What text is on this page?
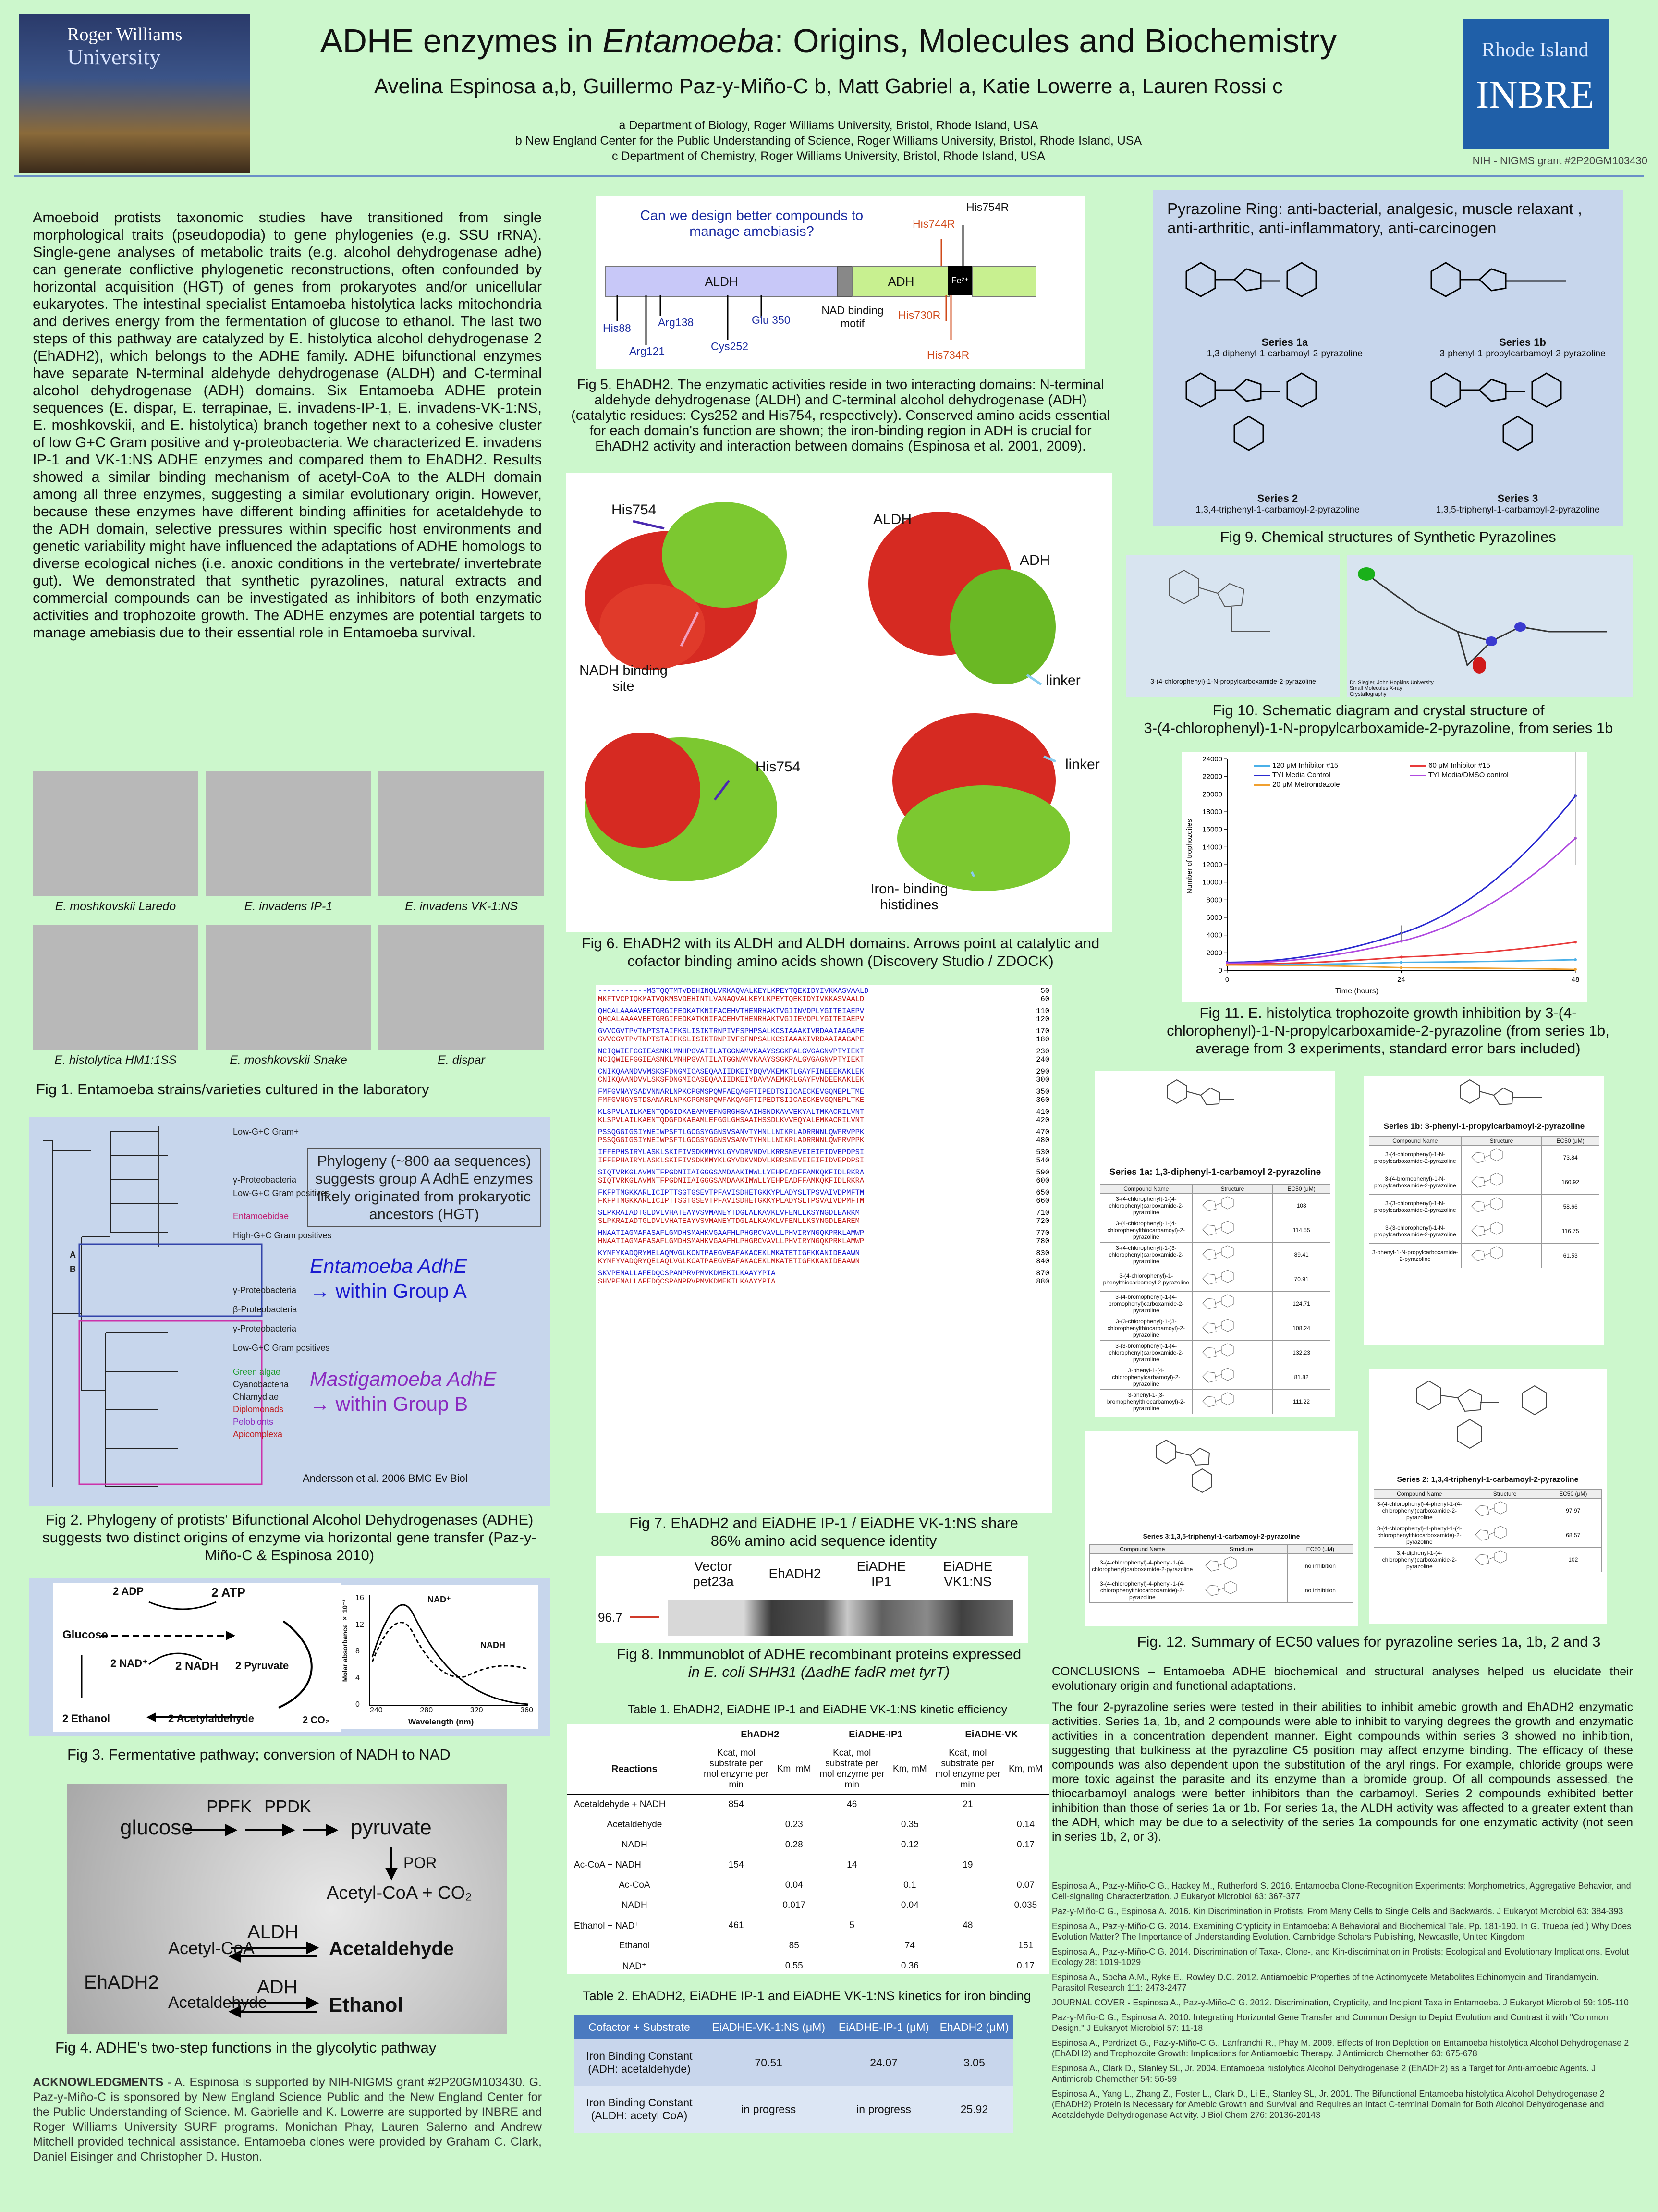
Roger Williams
University	ADHE enzymes in Entamoeba: Origins, Molecules and Biochemistry
Avelina Espinosa a,b, Guillermo Paz-y-Miño-C b, Matt Gabriel a, Katie Lowerre a, Lauren Rossi c
a Department of Biology, Roger Williams University, Bristol, Rhode Island, USA
b New England Center for the Public Understanding of Science, Roger Williams University, Bristol, Rhode Island, USA
c Department of Chemistry, Roger Williams University, Bristol, Rhode Island, USA
Rhode Island
INBRE
NIH - NIGMS grant #2P20GM103430
Amoeboid protists taxonomic studies have transitioned from single morphological traits (pseudopodia) to gene phylogenies (e.g. SSU rRNA). Single-gene analyses of metabolic traits (e.g. alcohol dehydrogenase adhe) can generate conflictive phylogenetic reconstructions, often confounded by horizontal acquisition (HGT) of genes from prokaryotes and/or unicellular eukaryotes. The intestinal specialist Entamoeba histolytica lacks mitochondria and derives energy from the fermentation of glucose to ethanol. The last two steps of this pathway are catalyzed by E. histolytica alcohol dehydrogenase 2 (EhADH2), which belongs to the ADHE family. ADHE bifunctional enzymes have separate N-terminal aldehyde dehydrogenase (ALDH) and C-terminal alcohol dehydrogenase (ADH) domains. Six Entamoeba ADHE protein sequences (E. dispar, E. terrapinae, E. invadens-IP-1, E. invadens-VK-1:NS, E. moshkovskii, and E. histolytica) branch together next to a cohesive cluster of low G+C Gram positive and γ-proteobacteria. We characterized E. invadens IP-1 and VK-1:NS ADHE enzymes and compared them to EhADH2. Results showed a similar binding mechanism of acetyl-CoA to the ALDH domain among all three enzymes, suggesting a similar evolutionary origin. However, because these enzymes have different binding affinities for acetaldehyde to the ADH domain, selective pressures within specific host environments and genetic variability might have influenced the adaptations of ADHE homologs to diverse ecological niches (i.e. anoxic conditions in the vertebrate/ invertebrate gut). We demonstrated that synthetic pyrazolines, natural extracts and commercial compounds can be investigated as inhibitors of both enzymatic activities and trophozoite growth. The ADHE enzymes are potential targets to manage amebiasis due to their essential role in Entamoeba survival.
E. moshkovskii Laredo	E. invadens IP-1	E. invadens VK-1:NS
E. histolytica HM1:1SS	E. moshkovskii Snake	E. dispar
Fig 1. Entamoeba strains/varieties cultured in the laboratory
Low-G+C Gram+
γ-Proteobacteria
Low-G+C Gram positives
Entamoebidae
High-G+C Gram positives
A
B
γ-Proteobacteria
β-Proteobacteria
γ-Proteobacteria
Low-G+C Gram positives
Green algae
Cyanobacteria
Chlamydiae
Diplomonads
Pelobionts
Apicomplexa
Phylogeny (~800 aa sequences) suggests group A AdhE enzymes likely originated from prokaryotic ancestors (HGT)
Entamoeba AdhE
→ within Group A
Mastigamoeba AdhE
→ within Group B
Andersson et al. 2006 BMC Ev Biol
Fig 2. Phylogeny of protists' Bifunctional Alcohol Dehydrogenases (ADHE) suggests two distinct origins of enzyme via horizontal gene transfer (Paz-y-Miño-C & Espinosa 2010)
2 ADP	2 ATP
Glucose
2 NAD⁺ 2 NADH 2 Pyruvate
2 Ethanol	2 Acetylaldehyde	2 CO₂
NAD⁺
NADH
Wavelength (nm)
Molar absorbance × 10⁻³
240	280	320	360
16
12
8
4
0
Fig 3. Fermentative pathway; conversion of NADH to NAD
glucose
PPFK PPDK
pyruvate
POR
Acetyl-CoA + CO₂
Acetyl-CoA
ALDH
Acetaldehyde
EhADH2
Acetaldehyde
ADH
Ethanol
Fig 4. ADHE's two-step functions in the glycolytic pathway
ACKNOWLEDGMENTS - A. Espinosa is supported by NIH-NIGMS grant #2P20GM103430. G. Paz-y-Miño-C is sponsored by New England Science Public and the New England Center for the Public Understanding of Science. M. Gabrielle and K. Lowerre are supported by INBRE and Roger Williams University SURF programs. Monichan Phay, Lauren Salerno and Andrew Mitchell provided technical assistance. Entamoeba clones were provided by Graham C. Clark, Daniel Eisinger and Christopher D. Huston.
Can we design better compounds to manage amebiasis?
ALDH	ADH	Fe²⁺
NAD binding motif
His88
Arg121
Arg138
Cys252
Glu 350
His744R
His754R
His730R
His734R
Fig 5. EhADH2. The enzymatic activities reside in two interacting domains: N-terminal aldehyde dehydrogenase (ALDH) and C-terminal alcohol dehydrogenase (ADH) (catalytic residues: Cys252 and His754, respectively). Conserved amino acids essential for each domain's function are shown; the iron-binding region in ADH is crucial for EhADH2 activity and interaction between domains (Espinosa et al. 2001, 2009).
His754
NADH binding site
ALDH
ADH
linker
His754	linker
Iron- binding histidines
Fig 6. EhADH2 with its ALDH and ALDH domains. Arrows point at catalytic and cofactor binding amino acids shown (Discovery Studio / ZDOCK)
-----------MSTQQTMTVDEHINQLVRKAQVALKEYLKPEYTQEKIDYIVKKASVAALD	50
MKFTVCPIQKMATVQKMSVDEHINTLVANAQVALKEYLKPEYTQEKIDYIVKKASVAALD	60
QHCALAAAAVEETGRGIFEDKATKNIFACEHVTHEMRHAKTVGIINVDPLYGITEIAEPV	110
QHCALAAAAVEETGRGIFEDKATKNIFACEHVTHEMRHAKTVGIIEVDPLYGITEIAEPV	120
GVVCGVTPVTNPTSTAIFKSLISIKTRNPIVFSPHPSALKCSIAAAKIVRDAAIAAGAPE	170
GVVCGVTPVTNPTSTAIFKSLISIKTRNPIVFSFNPSALKCSIAAAKIVRDAAIAAGAPE	180
NCIQWIEFGGIEASNKLMNHPGVATILATGGNAMVKAAYSSGKPALGVGAGNVPTYIEKT	230
NCIQWIEFGGIEASNKLMNHPGVATILATGGNAMVKAAYSSGKPALGVGAGNVPTYIEKT	240
CNIKQAANDVVMSKSFDNGMICASEQAAIIDKEIYDQVVKEMKTLGAYFINEEEKAKLEK	290
CNIKQAANDVVLSKSFDNGMICASEQAAIIDKEIYDAVVAEMKRLGAYFVNDEEKAKLEK	300
FMFGVNAYSADVNNARLNPKCPGMSPQWFAEQAGFTIPEDTSIICAECKEVGQNEPLTME	350
FMFGVNGYSTDSANARLNPKCPGMSPQWFAKQAGFTIPEDTSIICAECKEVGQNEPLTKE	360
KLSPVLAILKAENTQDGIDKAEAMVEFNGRGHSAAIHSNDKAVVEKYALTMKACRILVNT	410
KLSPVLAILKAENTQDGFDKAEAMLEFGGLGHSAAIHSSDLKVVEQYALEMKACRILVNT	420
PSSQGGIGSIYNEIWPSFTLGCGSYGGNSVSANVTYHNLLNIKRLADRRNNLQWFRVPPK	470
PSSQGGIGSIYNEIWPSFTLGCGSYGGNSVSANVTYHNLLNIKRLADRRNNLQWFRVPPK	480
IFFEPHSIRYLASKLSKIFIVSDKMMYKLGYVDRVMDVLKRRSNEVEIEIFIDVEPDPSI	530
IFFEPHAIRYLASKLSKIFIVSDKMMYKLGYVDKVMDVLKRRSNEVEIEIFIDVEPDPSI	540
SIQTVRKGLAVMNTFPGDNIIAIGGGSAMDAAKIMWLLYEHPEADFFAMKQKFIDLRKRA	590
SIQTVRKGLAVMNTFPGDNIIAIGGGSAMDAAKIMWLLYEHPEADFFAMKQKFIDLRKRA	600
FKFPTMGKKARLICIPTTSGTGSEVTPFAVISDHETGKKYPLADYSLTPSVAIVDPMFTM	650
FKFPTMGKKARLICIPTTSGTGSEVTPFAVISDHETGKKYPLADYSLTPSVAIVDPMFTM	660
SLPKRAIADTGLDVLVHATEAYVSVMANEYTDGLALKAVKLVFENLLKSYNGDLEARKM	710
SLPKRAIADTGLDVLVHATEAYVSVMANEYTDGLALKAVKLVFENLLKSYNGDLEAREM	720
HNAATIAGMAFASAFLGMDHSMAHKVGAAFHLPHGRCVAVLLPHVIRYNGQKPRKLAMWP	770
HNAATIAGMAFASAFLGMDHSMAHKVGAAFHLPHGRCVAVLLPHVIRYNGQKPRKLAMWP	780
KYNFYKADQRYMELAQMVGLKCNTPAEGVEAFAKACEKLMKATETIGFKKANIDEAAWN	830
KYNFYVADQRYQELAQLVGLKCATPAEGVEAFAKACEKLMKATETIGFKKANIDEAAWN	840
SKVPEMALLAFEDQCSPANPRVPMVKDMEKILKAAYYPIA	870
SHVPEMALLAFEDQCSPANPRVPMVKDMEKILKAAYYPIA	880
Fig 7. EhADH2 and EiADHE IP-1 / EiADHE VK-1:NS share
86% amino acid sequence identity
Vector pet23a
EhADH2	EiADHE IP1
EiADHE VK1:NS
96.7
Fig 8. Inmmunoblot of ADHE recombinant proteins expressed
in E. coli SHH31 (ΔadhE fadR met tyrT)
Table 1. EhADH2, EiADHE IP-1 and EiADHE VK-1:NS kinetic efficiency
	EhADH2		EiADHE-IP1		EiADHE-VK	
Reactions	Kcat, mol substrate per mol enzyme per min	Km, mM	Kcat, mol substrate per mol enzyme per min	Km, mM	Kcat, mol substrate per mol enzyme per min	Km, mM
Acetaldehyde + NADH	854		46		21	
Acetaldehyde		0.23		0.35		0.14
NADH		0.28		0.12		0.17
Ac-CoA + NADH	154		14		19	
Ac-CoA		0.04		0.1		0.07
NADH		0.017		0.04		0.035
Ethanol + NAD⁺	461		5		48	
Ethanol		85		74		151
NAD⁺		0.55		0.36		0.17
Table 2. EhADH2, EiADHE IP-1 and EiADHE VK-1:NS kinetics for iron binding
Cofactor + Substrate	EiADHE-VK-1:NS (μM)	EiADHE-IP-1 (μM)	EhADH2 (μM)
Iron Binding Constant (ADH: acetaldehyde)	70.51	24.07	3.05
Iron Binding Constant (ALDH: acetyl CoA)	in progress	in progress	25.92
Pyrazoline Ring: anti-bacterial, analgesic, muscle relaxant , anti-arthritic, anti-inflammatory, anti-carcinogen
Series 1a
1,3-diphenyl-1-carbamoyl-2-pyrazoline
Series 1b
3-phenyl-1-propylcarbamoyl-2-pyrazoline
Series 2
1,3,4-triphenyl-1-carbamoyl-2-pyrazoline
Series 3
1,3,5-triphenyl-1-carbamoyl-2-pyrazoline
Fig 9. Chemical structures of Synthetic Pyrazolines
3-(4-chlorophenyl)-1-N-propylcarboxamide-2-pyrazoline	Dr. Siegler, John Hopkins University Small Molecules X-ray Crystallography
Fig 10. Schematic diagram and crystal structure of
3-(4-chlorophenyl)-1-N-propylcarboxamide-2-pyrazoline, from series 1b
0
2000
4000
6000
8000
10000
12000
14000
16000
18000
20000
22000
24000
0	24	48
Time (hours)
Number of trophozoites
120 μM Inhibitor #15	60 μM Inhibitor #15
TYI Media Control	TYI Media/DMSO control
20 μM Metronidazole
Fig 11. E. histolytica trophozoite growth inhibition by 3-(4-chlorophenyl)-1-N-propylcarboxamide-2-pyrazoline (from series 1b, average from 3 experiments, standard error bars included)
Series 1a: 1,3-diphenyl-1-carbamoyl 2-pyrazoline
Compound Name	Structure	EC50 (μM)
3-(4-chlorophenyl)-1-(4-chlorophenyl)carboxamide-2-pyrazoline		108
3-(4-chlorophenyl)-1-(4-chlorophenylthiocarbamoyl)-2-pyrazoline		114.55
3-(4-chlorophenyl)-1-(3-chlorophenyl)carboxamide-2-pyrazoline		89.41
3-(4-chlorophenyl)-1-phenylthiocarbamoyl-2-pyrazoline		70.91
3-(4-bromophenyl)-1-(4-bromophenyl)carboxamide-2-pyrazoline		124.71
3-(3-chlorophenyl)-1-(3-chlorophenylthiocarbamoyl)-2-pyrazoline		108.24
3-(3-bromophenyl)-1-(4-chlorophenyl)carboxamide-2-pyrazoline		132.23
3-phenyl-1-(4-chlorophenylcarbamoyl)-2-pyrazoline		81.82
3-phenyl-1-(3-bromophenylthiocarbamoyl)-2-pyrazoline		111.22
Series 1b: 3-phenyl-1-propylcarbamoyl-2-pyrazoline
Compound Name	Structure	EC50 (μM)
3-(4-chlorophenyl)-1-N-propylcarboxamide-2-pyrazoline		73.84
3-(4-bromophenyl)-1-N-propylcarboxamide-2-pyrazoline		160.92
3-(3-chlorophenyl)-1-N-propylcarboxamide-2-pyrazoline		58.66
3-(3-chlorophenyl)-1-N-propylcarboxamide-2-pyrazoline		116.75
3-phenyl-1-N-propylcarboxamide-2-pyrazoline		61.53
Series 3:1,3,5-triphenyl-1-carbamoyl-2-pyrazoline
Compound Name	Structure	EC50 (μM)
3-(4-chlorophenyl)-4-phenyl-1-(4-chlorophenyl)carboxamide-2-pyrazoline		no inhibition
3-(4-chlorophenyl)-4-phenyl-1-(4-chlorophenylthiocarboxamide)-2-pyrazoline		no inhibition
Series 2: 1,3,4-triphenyl-1-carbamoyl-2-pyrazoline
Compound Name	Structure	EC50 (μM)
3-(4-chlorophenyl)-4-phenyl-1-(4-chlorophenyl)carboxamide-2-pyrazoline		97.97
3-(4-chlorophenyl)-4-phenyl-1-(4-chlorophenylthiocarboxamide)-2-pyrazoline		68.57
3,4-diphenyl-1-(4-chlorophenyl)carboxamide-2-pyrazoline		102
Fig. 12. Summary of EC50 values for pyrazoline series 1a, 1b, 2 and 3
CONCLUSIONS – Entamoeba ADHE biochemical and structural analyses helped us elucidate their evolutionary origin and functional adaptations.
The four 2-pyrazoline series were tested in their abilities to inhibit amebic growth and EhADH2 enzymatic activities. Series 1a, 1b, and 2 compounds were able to inhibit to varying degrees the growth and enzymatic activities in a concentration dependent manner. Eight compounds within series 3 showed no inhibition, suggesting that bulkiness at the pyrazoline C5 position may affect enzyme binding. The efficacy of these compounds was also dependent upon the substitution of the aryl rings. For example, chloride groups were more toxic against the parasite and its enzyme than a bromide group. Of all compounds assessed, the thiocarbamoyl analogs were better inhibitors than the carbamoyl. Series 2 compounds exhibited better inhibition than those of series 1a or 1b. For series 1a, the ALDH activity was affected to a greater extent than the ADH, which may be due to a selectivity of the series 1a compounds for one enzymatic activity (not seen in series 1b, 2, or 3).
Espinosa A., Paz-y-Miño-C G., Hackey M., Rutherford S. 2016. Entamoeba Clone-Recognition Experiments: Morphometrics, Aggregative Behavior, and Cell-signaling Characterization. J Eukaryot Microbiol 63: 367-377
Paz-y-Miño-C G., Espinosa A. 2016. Kin Discrimination in Protists: From Many Cells to Single Cells and Backwards. J Eukaryot Microbiol 63: 384-393
Espinosa A., Paz-y-Miño-C G. 2014. Examining Crypticity in Entamoeba: A Behavioral and Biochemical Tale. Pp. 181-190. In G. Trueba (ed.) Why Does Evolution Matter? The Importance of Understanding Evolution. Cambridge Scholars Publishing, Newcastle, United Kingdom
Espinosa A., Paz-y-Miño-C G. 2014. Discrimination of Taxa-, Clone-, and Kin-discrimination in Protists: Ecological and Evolutionary Implications. Evolut Ecology 28: 1019-1029
Espinosa A., Socha A.M., Ryke E., Rowley D.C. 2012. Antiamoebic Properties of the Actinomycete Metabolites Echinomycin and Tirandamycin. Parasitol Research 111: 2473-2477
JOURNAL COVER - Espinosa A., Paz-y-Miño-C G. 2012. Discrimination, Crypticity, and Incipient Taxa in Entamoeba. J Eukaryot Microbiol 59: 105-110
Paz-y-Miño-C G., Espinosa A. 2010. Integrating Horizontal Gene Transfer and Common Design to Depict Evolution and Contrast it with "Common Design." J Eukaryot Microbiol 57: 11-18
Espinosa A., Perdrizet G., Paz-y-Miño-C G., Lanfranchi R., Phay M. 2009. Effects of Iron Depletion on Entamoeba histolytica Alcohol Dehydrogenase 2 (EhADH2) and Trophozoite Growth: Implications for Antiamoebic Therapy. J Antimicrob Chemother 63: 675-678
Espinosa A., Clark D., Stanley SL, Jr. 2004. Entamoeba histolytica Alcohol Dehydrogenase 2 (EhADH2) as a Target for Anti-amoebic Agents. J Antimicrob Chemother 54: 56-59
Espinosa A., Yang L., Zhang Z., Foster L., Clark D., Li E., Stanley SL, Jr. 2001. The Bifunctional Entamoeba histolytica Alcohol Dehydrogenase 2 (EhADH2) Protein Is Necessary for Amebic Growth and Survival and Requires an Intact C-terminal Domain for Both Alcohol Dehydrogenase and Acetaldehyde Dehydrogenase Activity. J Biol Chem 276: 20136-20143
